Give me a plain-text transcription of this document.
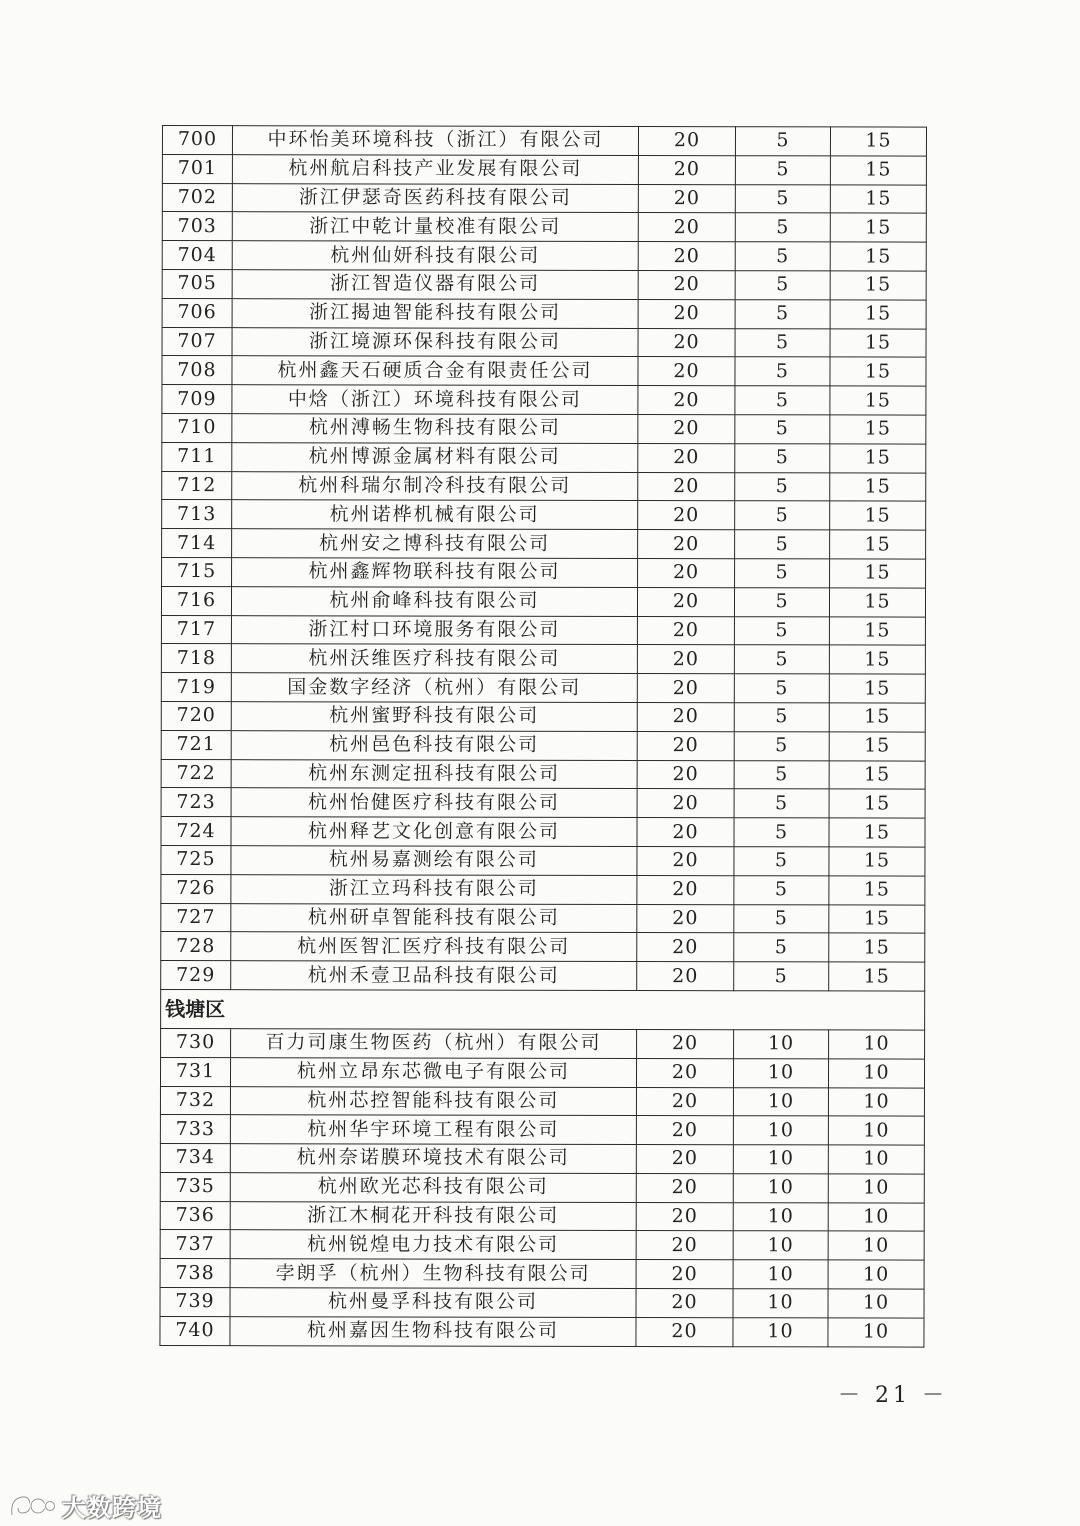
700	中环怡美环境科技（浙江）有限公司	20	5	15
701	杭州航启科技产业发展有限公司	20	5	15
702	浙江伊瑟奇医药科技有限公司	20	5	15
703	浙江中乾计量校准有限公司	20	5	15
704	杭州仙妍科技有限公司	20	5	15
705	浙江智造仪器有限公司	20	5	15
706	浙江揭迪智能科技有限公司	20	5	15
707	浙江境源环保科技有限公司	20	5	15
708	杭州鑫天石硬质合金有限责任公司	20	5	15
709	中焓（浙江）环境科技有限公司	20	5	15
710	杭州溥畅生物科技有限公司	20	5	15
711	杭州博源金属材料有限公司	20	5	15
712	杭州科瑞尔制冷科技有限公司	20	5	15
713	杭州诺桦机械有限公司	20	5	15
714	杭州安之博科技有限公司	20	5	15
715	杭州鑫辉物联科技有限公司	20	5	15
716	杭州俞峰科技有限公司	20	5	15
717	浙江村口环境服务有限公司	20	5	15
718	杭州沃维医疗科技有限公司	20	5	15
719	国金数字经济（杭州）有限公司	20	5	15
720	杭州蜜野科技有限公司	20	5	15
721	杭州邑色科技有限公司	20	5	15
722	杭州东测定扭科技有限公司	20	5	15
723	杭州怡健医疗科技有限公司	20	5	15
724	杭州释艺文化创意有限公司	20	5	15
725	杭州易嘉测绘有限公司	20	5	15
726	浙江立玛科技有限公司	20	5	15
727	杭州研卓智能科技有限公司	20	5	15
728	杭州医智汇医疗科技有限公司	20	5	15
729	杭州禾壹卫品科技有限公司	20	5	15
钱塘区				
730	百力司康生物医药（杭州）有限公司	20	10	10
731	杭州立昂东芯微电子有限公司	20	10	10
732	杭州芯控智能科技有限公司	20	10	10
733	杭州华宇环境工程有限公司	20	10	10
734	杭州奈诺膜环境技术有限公司	20	10	10
735	杭州欧光芯科技有限公司	20	10	10
736	浙江木桐花开科技有限公司	20	10	10
737	杭州锐煌电力技术有限公司	20	10	10
738	孛朗孚（杭州）生物科技有限公司	20	10	10
739	杭州曼孚科技有限公司	20	10	10
740	杭州嘉因生物科技有限公司	20	10	10
－ 21 －
大数跨境
